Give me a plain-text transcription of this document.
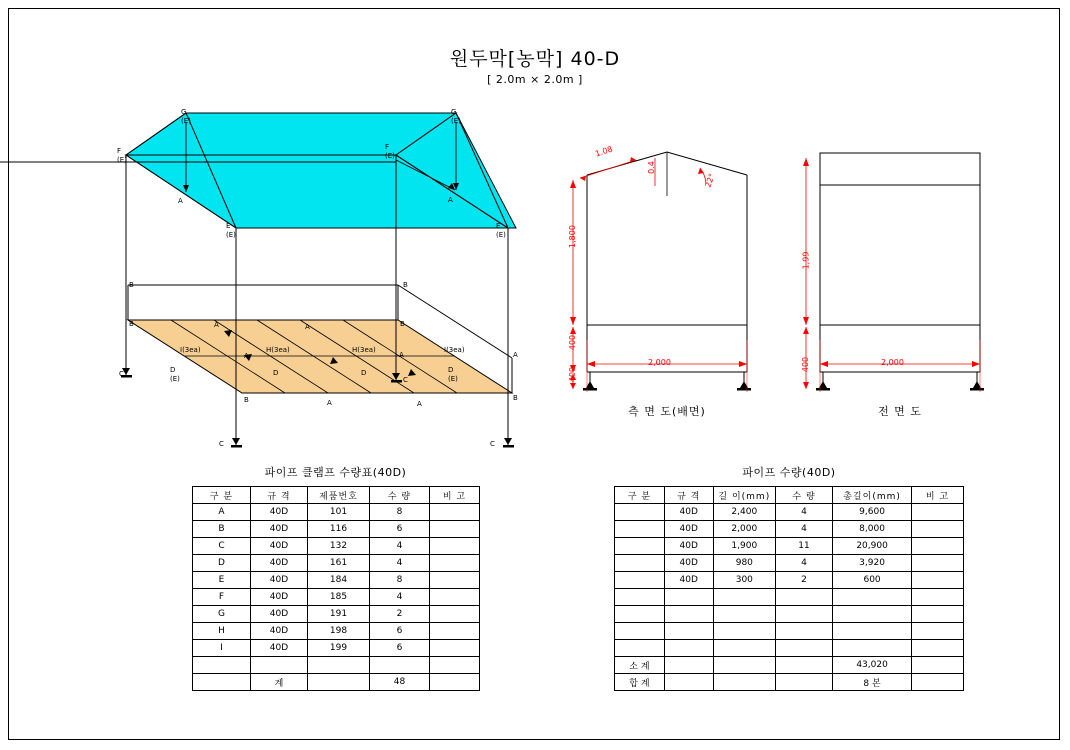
원두막[농막] 40-D
[ 2.0m × 2.0m ]
G
(E)
G
(E)
F
(E)
F
(E)
A	A
E
(E)
E
(E)
B	B
B	A	A	B
I(3ea)	H(3ea)	H(3ea)	I(3ea)
A	A	A
C	D
(E)
D	D	D
(E)
C
B	B
A	A
C	C
1.08
0.4
22°
1,800
400
400
2,000
1,99
400	2,000
측 면 도(배면)	전 면 도
파이프 클램프 수량표(40D)	파이프 수량(40D)
구 분	규 격	제품번호	수 량	비 고
A	40D	101	8	
B	40D	116	6	
C	40D	132	4	
D	40D	161	4	
E	40D	184	8	
F	40D	185	4	
G	40D	191	2	
H	40D	198	6	
I	40D	199	6	

	계		48	
구 분	규 격	길 이(mm)	수 량	총길이(mm)	비 고
	40D	2,400	4	9,600	
	40D	2,000	4	8,000	
	40D	1,900	11	20,900	
	40D	980	4	3,920	
	40D	300	2	600	

소 계				43,020	
합 계				8 본	
